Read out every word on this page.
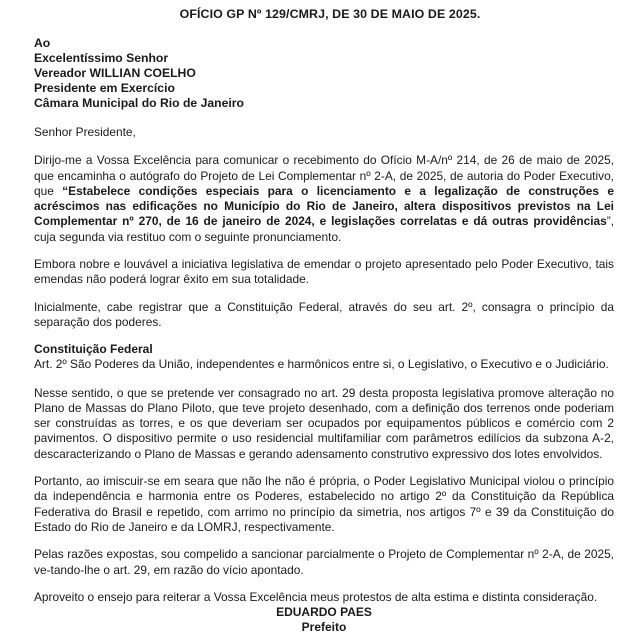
OFÍCIO GP Nº 129/CMRJ, DE 30 DE MAIO DE 2025.
Ao
Excelentíssimo Senhor
Vereador WILLIAN COELHO
Presidente em Exercício
Câmara Municipal do Rio de Janeiro

Senhor Presidente,

Dirijo-me a Vossa Excelência para comunicar o recebimento do Ofício M-A/nº 214, de 26 de maio de 2025, que encaminha o autógrafo do Projeto de Lei Complementar nº 2-A, de 2025, de autoria do Poder Executivo, que “Estabelece condições especiais para o licenciamento e a legalização de construções e acréscimos nas edificações no Município do Rio de Janeiro, altera dispositivos previstos na Lei Complementar nº 270, de 16 de janeiro de 2024, e legislações correlatas e dá outras providências”, cuja segunda via restituo com o seguinte pronunciamento.

Embora nobre e louvável a iniciativa legislativa de emendar o projeto apresentado pelo Poder Executivo, tais emendas não poderá lograr êxito em sua totalidade.

Inicialmente, cabe registrar que a Constituição Federal, através do seu art. 2º, consagra o princípio da separação dos poderes.

Constituição Federal

Art. 2º São Poderes da União, independentes e harmônicos entre si, o Legislativo, o Executivo e o Judiciário.

Nesse sentido, o que se pretende ver consagrado no art. 29 desta proposta legislativa promove alteração no Plano de Massas do Plano Piloto, que teve projeto desenhado, com a definição dos terrenos onde poderiam ser construídas as torres, e os que deveriam ser ocupados por equipamentos públicos e comércio com 2 pavimentos. O dispositivo permite o uso residencial multifamiliar com parâmetros edilícios da subzona A-2, descaracterizando o Plano de Massas e gerando adensamento construtivo expressivo dos lotes envolvidos.

Portanto, ao imiscuir-se em seara que não lhe não é própria, o Poder Legislativo Municipal violou o princípio da independência e harmonia entre os Poderes, estabelecido no artigo 2º da Constituição da República Federativa do Brasil e repetido, com arrimo no princípio da simetria, nos artigos 7º e 39 da Constituição do Estado do Rio de Janeiro e da LOMRJ, respectivamente.

Pelas razões expostas, sou compelido a sancionar parcialmente o Projeto de Complementar nº 2-A, de 2025, ve-tando-lhe o art. 29, em razão do vício apontado.

Aproveito o ensejo para reiterar a Vossa Excelência meus protestos de alta estima e distinta consideração.

EDUARDO PAES
Prefeito
